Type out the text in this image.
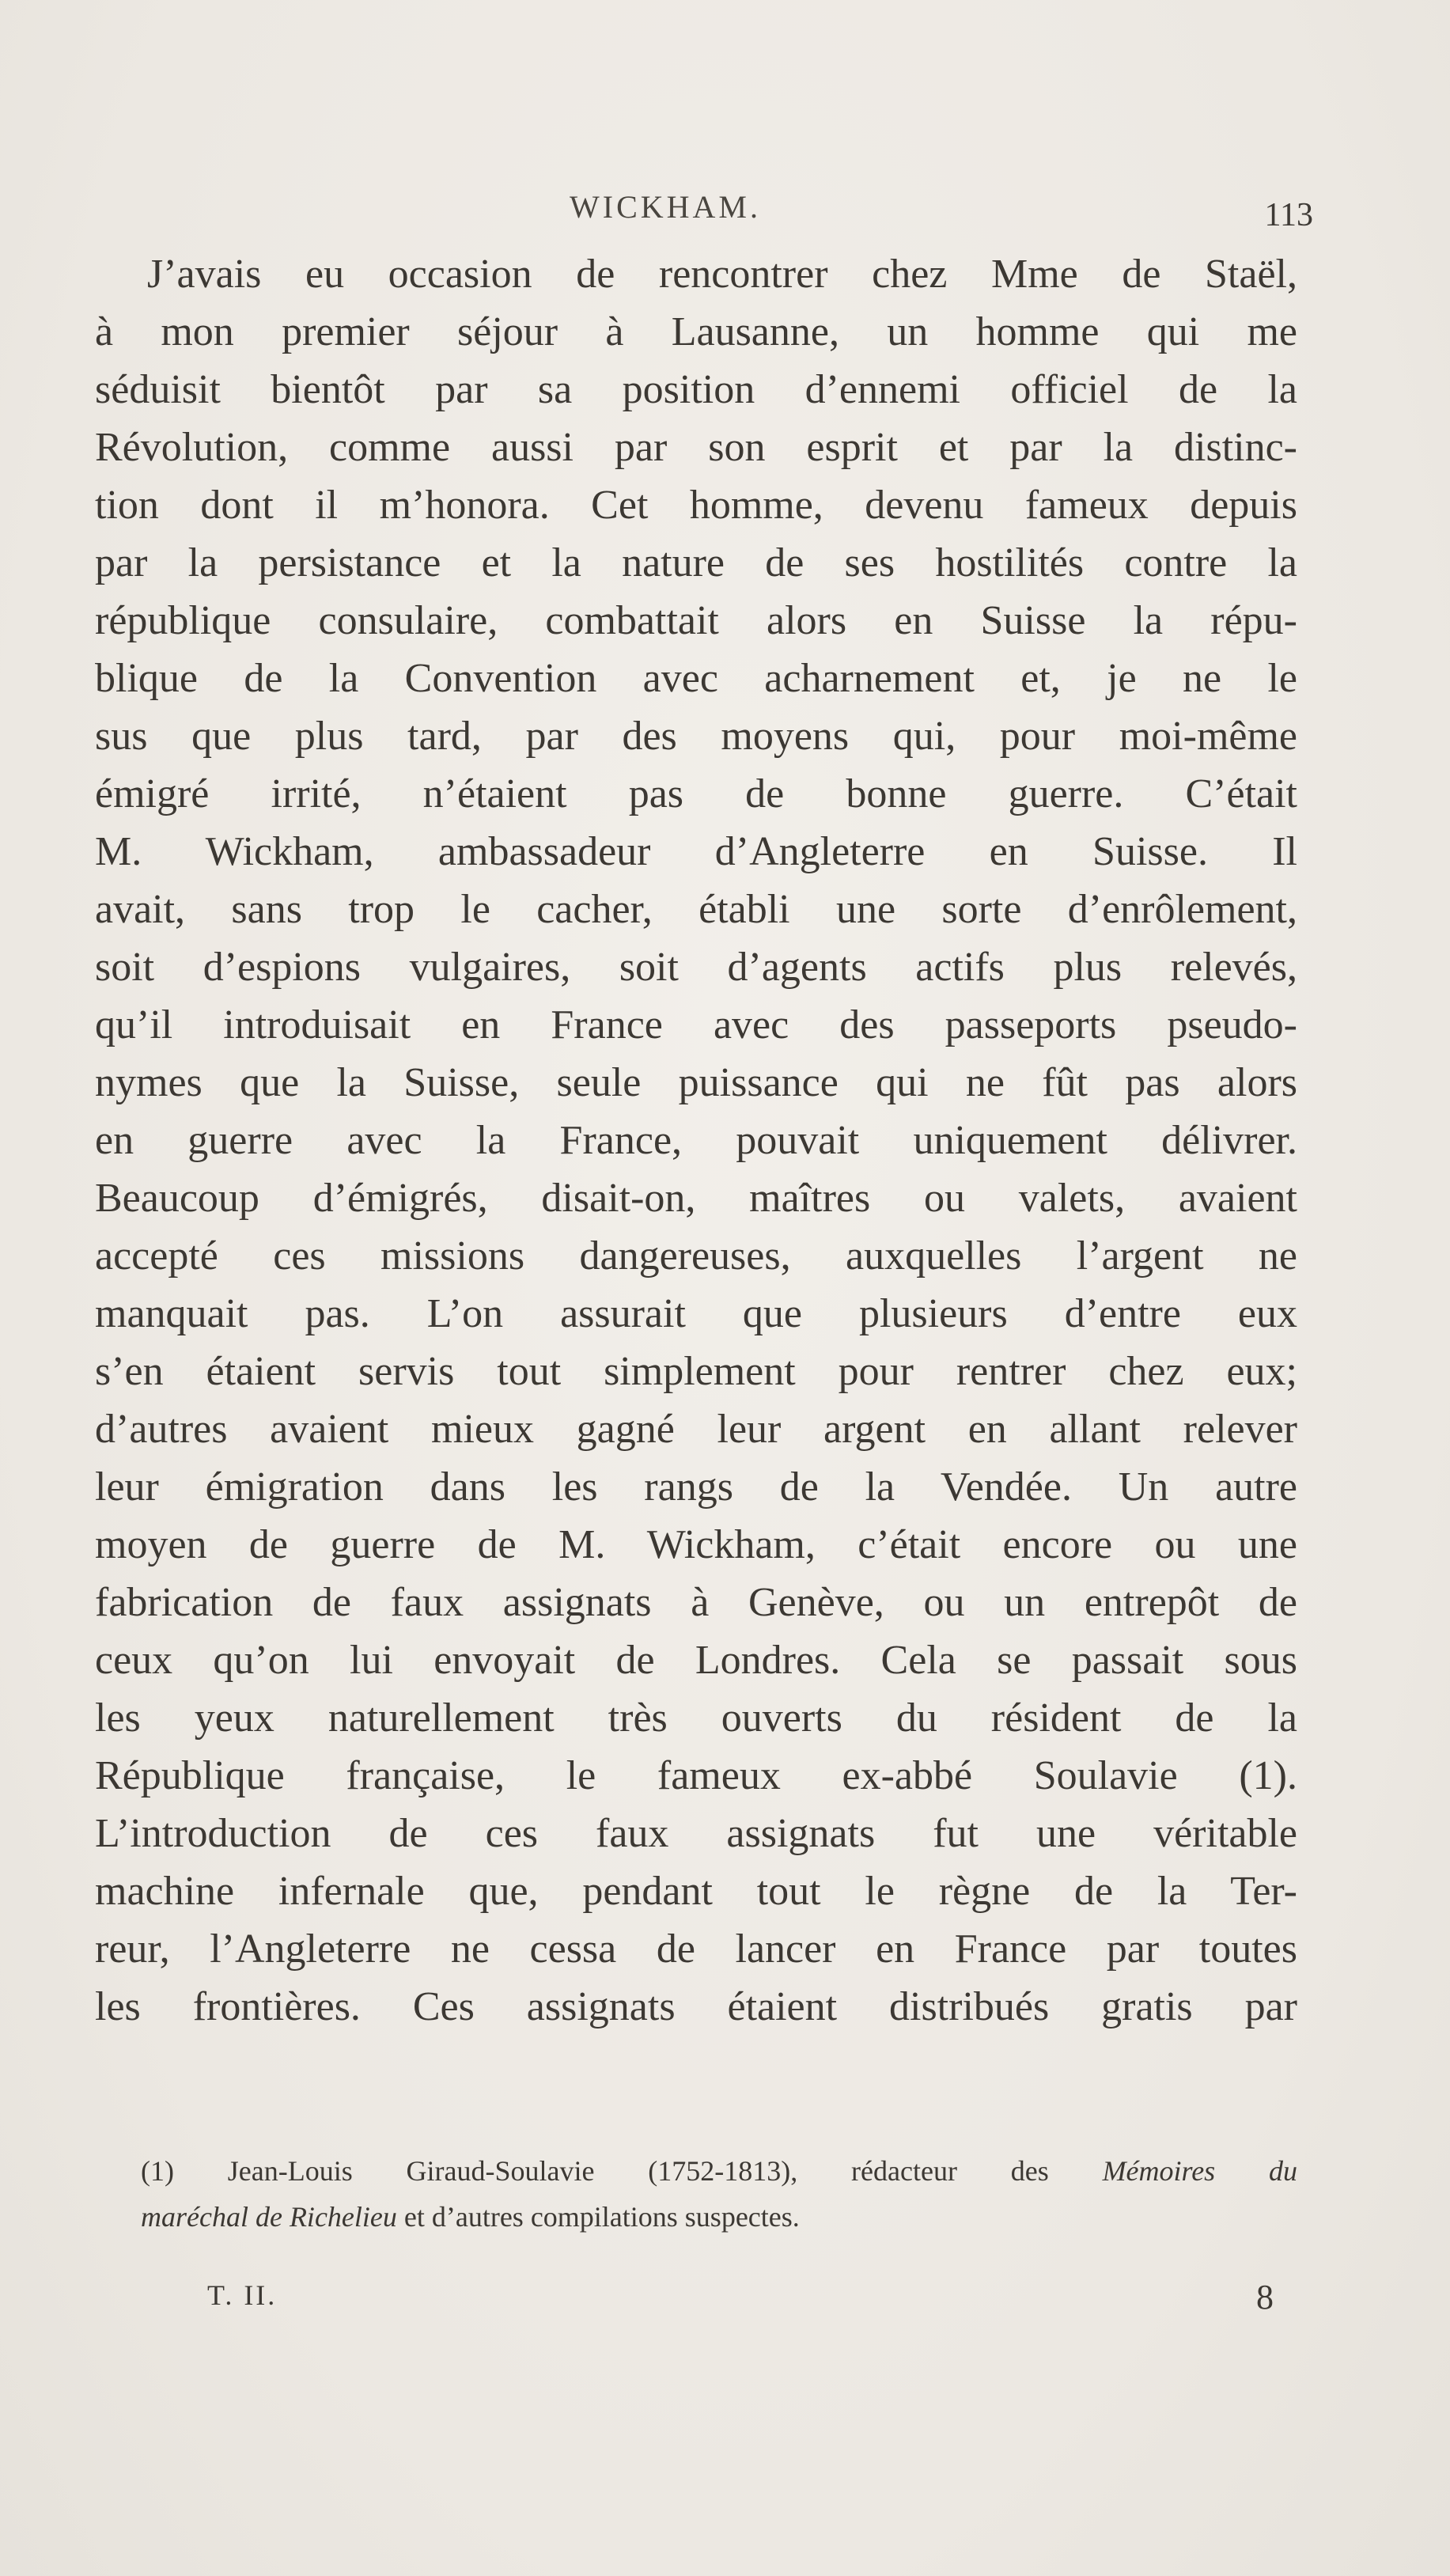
WICKHAM.	113
J’avais eu occasion de rencontrer chez Mme de Staël,
à mon premier séjour à Lausanne, un homme qui me
séduisit bientôt par sa position d’ennemi officiel de la
Révolution, comme aussi par son esprit et par la distinc-
tion dont il m’honora. Cet homme, devenu fameux depuis
par la persistance et la nature de ses hostilités contre la
république consulaire, combattait alors en Suisse la répu-
blique de la Convention avec acharnement et, je ne le
sus que plus tard, par des moyens qui, pour moi-même
émigré irrité, n’étaient pas de bonne guerre. C’était
M. Wickham, ambassadeur d’Angleterre en Suisse. Il
avait, sans trop le cacher, établi une sorte d’enrôlement,
soit d’espions vulgaires, soit d’agents actifs plus relevés,
qu’il introduisait en France avec des passeports pseudo-
nymes que la Suisse, seule puissance qui ne fût pas alors
en guerre avec la France, pouvait uniquement délivrer.
Beaucoup d’émigrés, disait-on, maîtres ou valets, avaient
accepté ces missions dangereuses, auxquelles l’argent ne
manquait pas. L’on assurait que plusieurs d’entre eux
s’en étaient servis tout simplement pour rentrer chez eux;
d’autres avaient mieux gagné leur argent en allant relever
leur émigration dans les rangs de la Vendée. Un autre
moyen de guerre de M. Wickham, c’était encore ou une
fabrication de faux assignats à Genève, ou un entrepôt de
ceux qu’on lui envoyait de Londres. Cela se passait sous
les yeux naturellement très ouverts du résident de la
République française, le fameux ex-abbé Soulavie (1).
L’introduction de ces faux assignats fut une véritable
machine infernale que, pendant tout le règne de la Ter-
reur, l’Angleterre ne cessa de lancer en France par toutes
les frontières. Ces assignats étaient distribués gratis par
(1) Jean-Louis Giraud-Soulavie (1752-1813), rédacteur des Mémoires du
maréchal de Richelieu et d’autres compilations suspectes.
T. II.	8
